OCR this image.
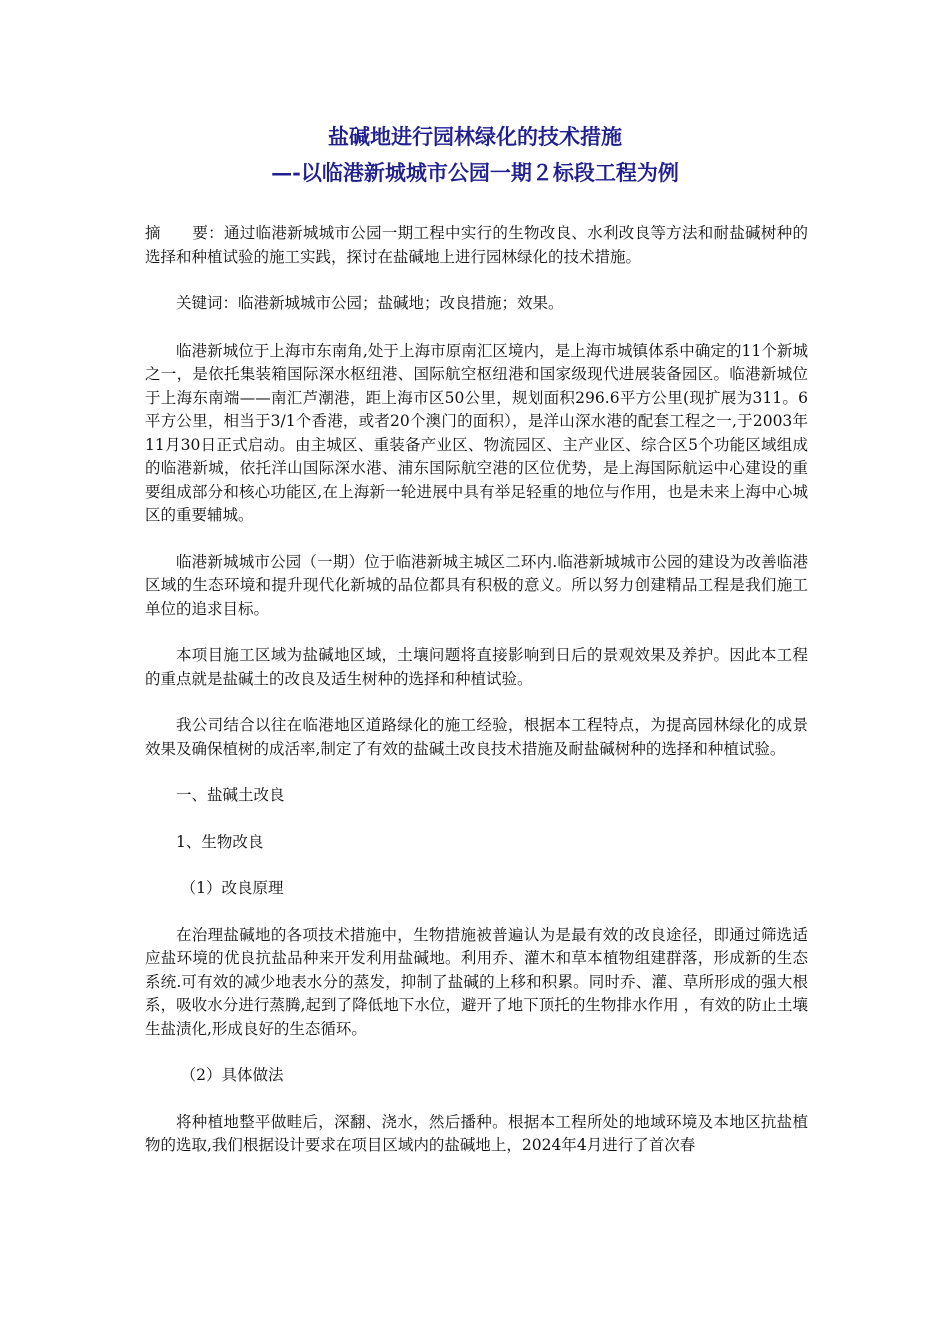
盐碱地进行园林绿化的技术措施
—-以临港新城城市公园一期２标段工程为例

摘　　要：通过临港新城城市公园一期工程中实行的生物改良、水利改良等方法和耐盐碱树种的选择和种植试验的施工实践，探讨在盐碱地上进行园林绿化的技术措施。

关键词：临港新城城市公园；盐碱地；改良措施；效果。

临港新城位于上海市东南角,处于上海市原南汇区境内，是上海市城镇体系中确定的11个新城之一，是依托集装箱国际深水枢纽港、国际航空枢纽港和国家级现代进展装备园区。临港新城位于上海东南端——南汇芦潮港，距上海市区50公里，规划面积296.6平方公里(现扩展为311。6平方公里，相当于3/1个香港，或者20个澳门的面积），是洋山深水港的配套工程之一,于2003年11月30日正式启动。由主城区、重装备产业区、物流园区、主产业区、综合区5个功能区域组成的临港新城，依托洋山国际深水港、浦东国际航空港的区位优势，是上海国际航运中心建设的重要组成部分和核心功能区,在上海新一轮进展中具有举足轻重的地位与作用，也是未来上海中心城区的重要辅城。

临港新城城市公园（一期）位于临港新城主城区二环内.临港新城城市公园的建设为改善临港区域的生态环境和提升现代化新城的品位都具有积极的意义。所以努力创建精品工程是我们施工单位的追求目标。

本项目施工区域为盐碱地区域，土壤问题将直接影响到日后的景观效果及养护。因此本工程的重点就是盐碱土的改良及适生树种的选择和种植试验。

我公司结合以往在临港地区道路绿化的施工经验，根据本工程特点，为提高园林绿化的成景效果及确保植树的成活率,制定了有效的盐碱土改良技术措施及耐盐碱树种的选择和种植试验。

一、盐碱土改良

1、生物改良

（1）改良原理

在治理盐碱地的各项技术措施中，生物措施被普遍认为是最有效的改良途径，即通过筛选适应盐环境的优良抗盐品种来开发利用盐碱地。利用乔、灌木和草本植物组建群落，形成新的生态系统.可有效的减少地表水分的蒸发，抑制了盐碱的上移和积累。同时乔、灌、草所形成的强大根系，吸收水分进行蒸腾,起到了降低地下水位，避开了地下顶托的生物排水作用 ，有效的防止土壤生盐渍化,形成良好的生态循环。

（2）具体做法

将种植地整平做畦后，深翻、浇水，然后播种。根据本工程所处的地域环境及本地区抗盐植物的选取,我们根据设计要求在项目区域内的盐碱地上，2024年4月进行了首次春
